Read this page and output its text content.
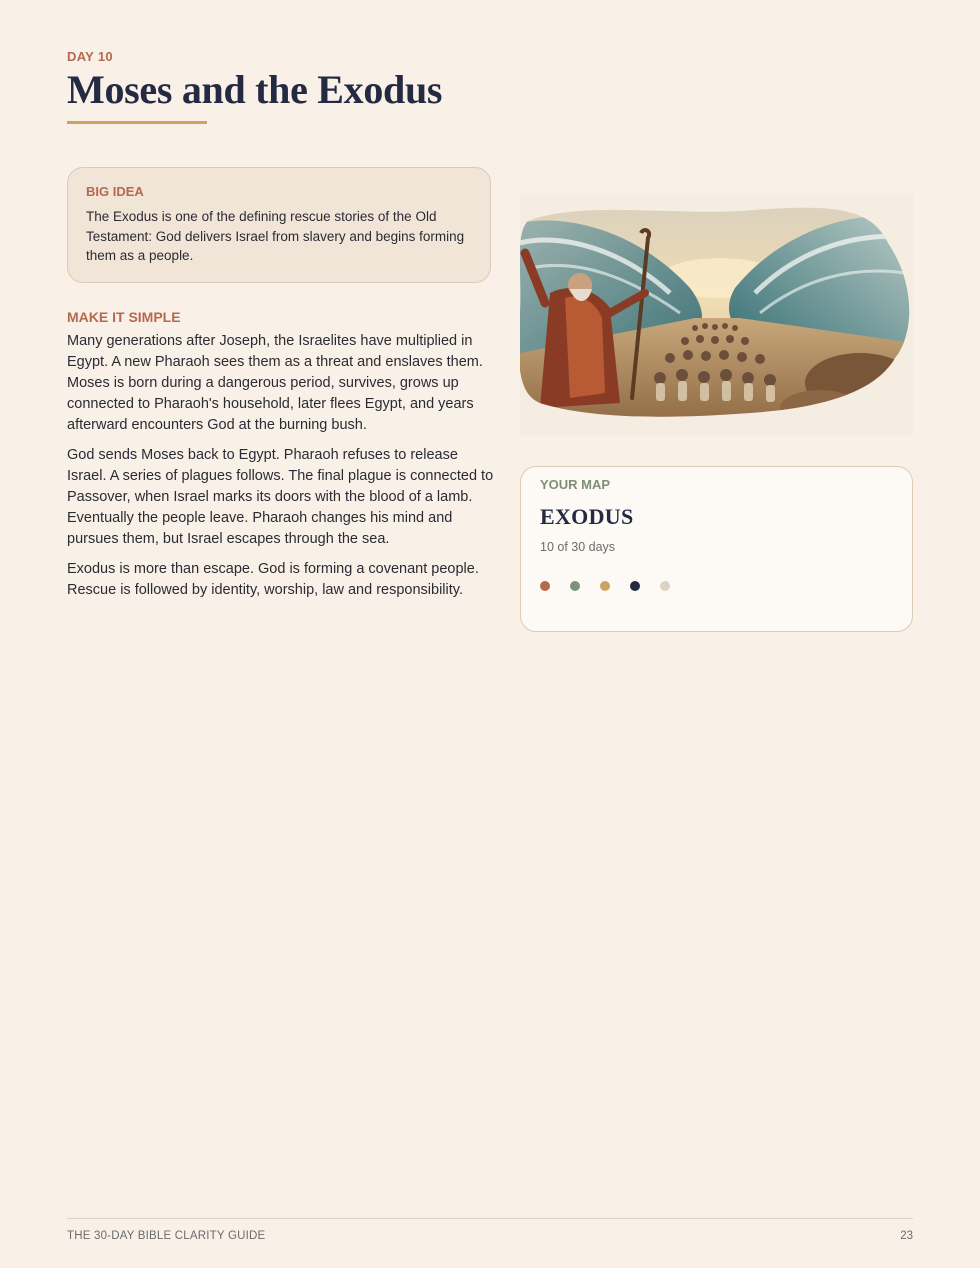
DAY 10
Moses and the Exodus
BIG IDEA
The Exodus is one of the defining rescue stories of the Old Testament: God delivers Israel from slavery and begins forming them as a people.
MAKE IT SIMPLE

Many generations after Joseph, the Israelites have multiplied in Egypt. A new Pharaoh sees them as a threat and enslaves them. Moses is born during a dangerous period, survives, grows up connected to Pharaoh's household, later flees Egypt, and years afterward encounters God at the burning bush.

God sends Moses back to Egypt. Pharaoh refuses to release Israel. A series of plagues follows. The final plague is connected to Passover, when Israel marks its doors with the blood of a lamb. Eventually the people leave. Pharaoh changes his mind and pursues them, but Israel escapes through the sea.

Exodus is more than escape. God is forming a covenant people. Rescue is followed by identity, worship, law and responsibility.

YOUR MAP
EXODUS
10 of 30 days
THE 30-DAY BIBLE CLARITY GUIDE	23
